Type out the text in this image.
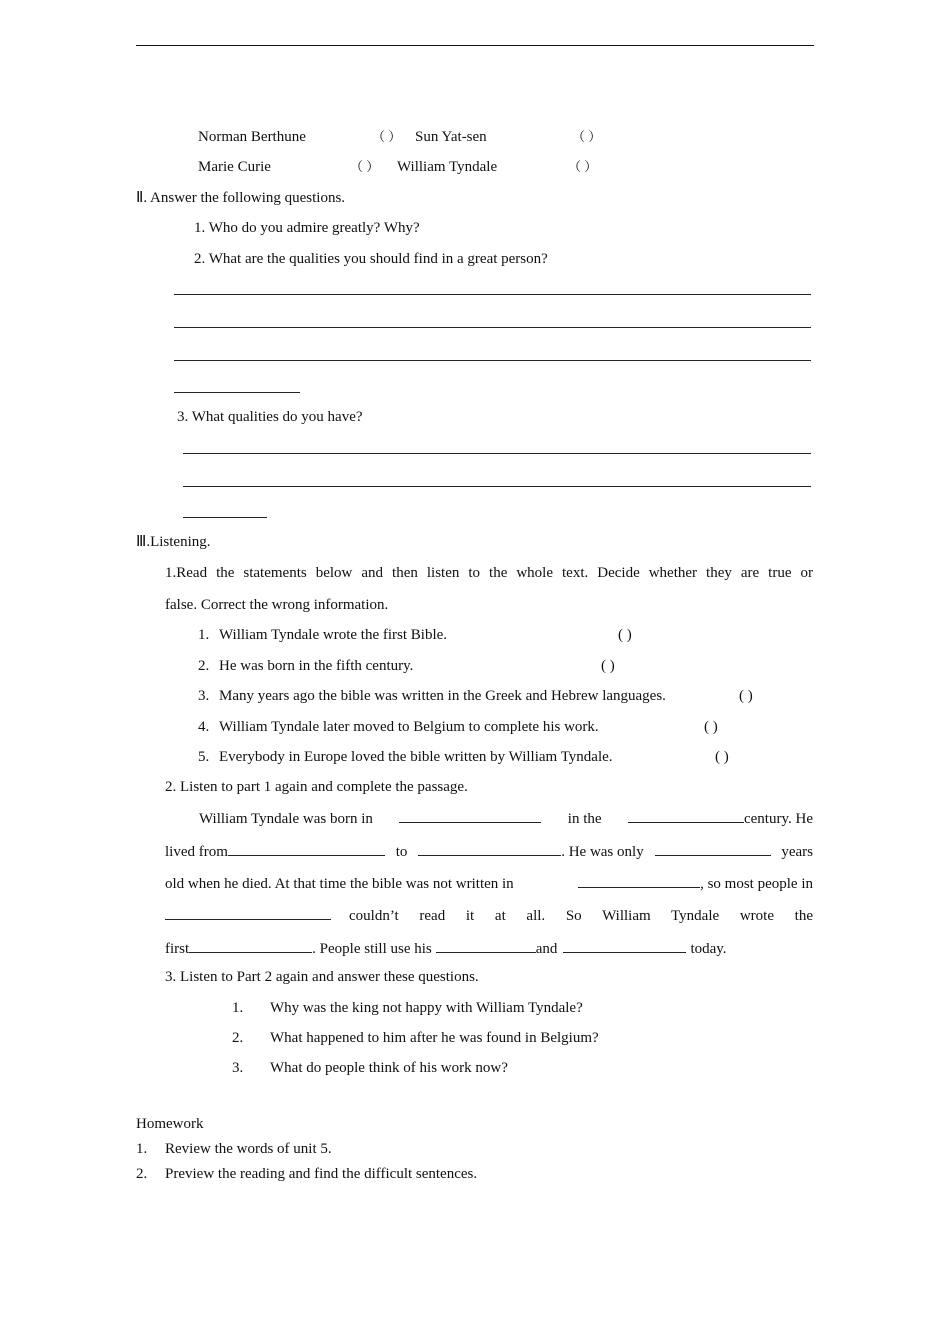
Norman Berthune	（ ） Sun Yat-sen	（ ）
Marie Curie	（ ） William Tyndale	（ ）
Ⅱ. Answer the following questions.
1. Who do you admire greatly? Why?
2. What are the qualities you should find in a great person?
3. What qualities do you have?
Ⅲ.Listening.
1.Read the statements below and then listen to the whole text. Decide whether they are true or
false. Correct the wrong information.
1. William Tyndale wrote the first Bible.	( )
2. He was born in the fifth century.	( )
3. Many years ago the bible was written in the Greek and Hebrew languages.	( )
4. William Tyndale later moved to Belgium to complete his work.	( )
5. Everybody in Europe loved the bible written by William Tyndale.	( )
2. Listen to part 1 again and complete the passage.
William Tyndale was born in	in the	century. He
lived from	to	. He was only	years
old when he died. At that time the bible was not written in	, so most people in
couldn’t read it at all. So William Tyndale wrote the
first	. People still use his	and	today.
3. Listen to Part 2 again and answer these questions.
1. Why was the king not happy with William Tyndale?
2. What happened to him after he was found in Belgium?
3. What do people think of his work now?
Homework
1. Review the words of unit 5.
2. Preview the reading and find the difficult sentences.
